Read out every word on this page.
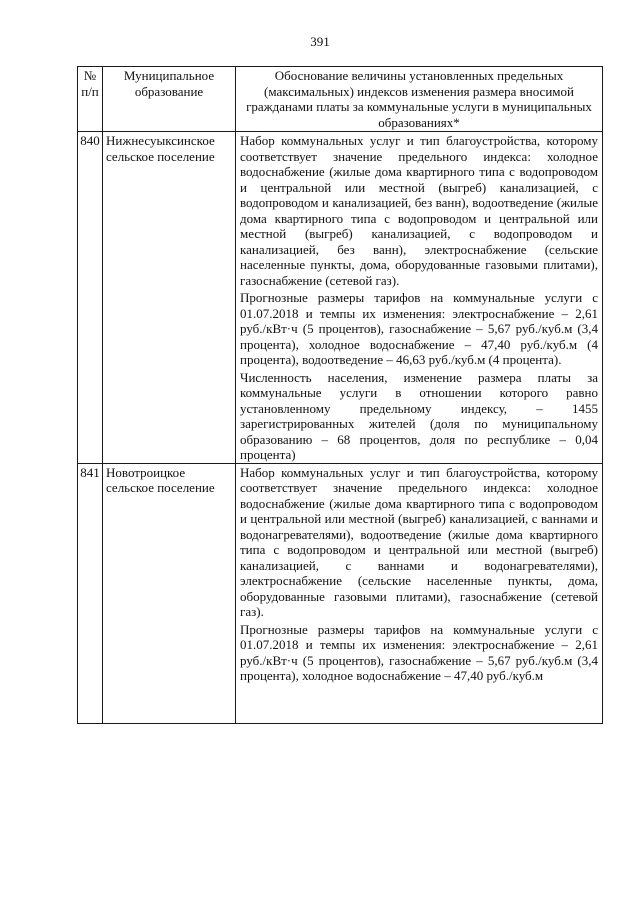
391
№ п/п	Муниципальное образование	Обоснование величины установленных предельных (максимальных) индексов изменения размера вносимой гражданами платы за коммунальные услуги в муниципальных образованиях*
840	Нижнесуыксинское сельское поселение	Набор коммунальных услуг и тип благоустройства, которому соответствует значение предельного индекса: холодное водоснабжение (жилые дома квартирного типа с водопроводом и центральной или местной (выгреб) канализацией, с водопроводом и канализацией, без ванн), водоотведение (жилые дома квартирного типа с водопроводом и центральной или местной (выгреб) канализацией, с водопроводом и канализацией, без ванн), электроснабжение (сельские населенные пункты, дома, оборудованные газовыми плитами), газоснабжение (сетевой газ).

Прогнозные размеры тарифов на коммунальные услуги с 01.07.2018 и темпы их изменения: электроснабжение – 2,61 руб./кВт·ч (5 процентов), газоснабжение – 5,67 руб./куб.м (3,4 процента), холодное водоснабжение – 47,40 руб./куб.м (4 процента), водоотведение – 46,63 руб./куб.м (4 процента).

Численность населения, изменение размера платы за коммунальные услуги в отношении которого равно установленному предельному индексу, – 1455 зарегистрированных жителей (доля по муниципальному образованию – 68 процентов, доля по республике – 0,04 процента)

841	Новотроицкое сельское поселение	Набор коммунальных услуг и тип благоустройства, которому соответствует значение предельного индекса: холодное водоснабжение (жилые дома квартирного типа с водопроводом и центральной или местной (выгреб) канализацией, с ваннами и водонагревателями), водоотведение (жилые дома квартирного типа с водопроводом и центральной или местной (выгреб) канализацией, с ваннами и водонагревателями), электроснабжение (сельские населенные пункты, дома, оборудованные газовыми плитами), газоснабжение (сетевой газ).

Прогнозные размеры тарифов на коммунальные услуги с 01.07.2018 и темпы их изменения: электроснабжение – 2,61 руб./кВт·ч (5 процентов), газоснабжение – 5,67 руб./куб.м (3,4 процента), холодное водоснабжение – 47,40 руб./куб.м
